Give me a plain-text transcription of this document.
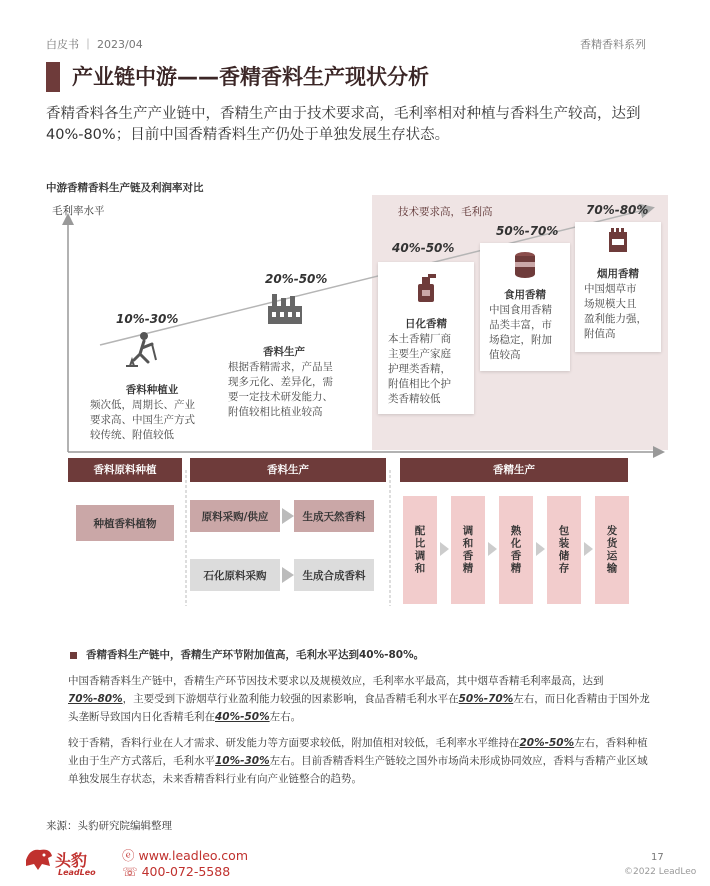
白皮书 ｜ 2023/04	香精香料系列
产业链中游——香精香料生产现状分析
香精香料各生产产业链中，香精生产由于技术要求高，毛利率相对种植与香料生产较高，达到40%-80%；目前中国香精香料生产仍处于单独发展生存状态。
中游香精香料生产链及利润率对比
技术要求高，毛利高
毛利率水平
10%-30%
香料种植业
频次低，周期长、产业
要求高、中国生产方式
较传统、附值较低
20%-50%
香料生产
根据香精需求，产品呈
现多元化、差异化，需
要一定技术研发能力、
附值较相比植业较高
40%-50%
日化香精
本土香精厂商
主要生产家庭
护理类香精，
附值相比个护
类香精较低
50%-70%
食用香精
中国食用香精
品类丰富，市
场稳定，附加
值较高
70%-80%
烟用香精
中国烟草市
场规模大且
盈利能力强，
附值高
香料原料种植	香料生产	香精生产
种植香料植物
原料采购/供应	生成天然香料
石化原料采购	生成合成香料
配比调和	调和香精	熟化香精	包装储存	发货运输
香精香料生产链中，香精生产环节附加值高，毛利水平达到40%-80%。
中国香精香料生产链中，香精生产环节因技术要求以及规模效应，毛利率水平最高，其中烟草香精毛利率最高，达到70%-80%，主要受到下游烟草行业盈利能力较强的因素影响，食品香精毛利水平在50%-70%左右，而日化香精由于国外龙头垄断导致国内日化香精毛利在40%-50%左右。
较于香精，香料行业在人才需求、研发能力等方面要求较低，附加值相对较低，毛利率水平维持在20%-50%左右，香料种植业由于生产方式落后，毛利水平10%-30%左右。目前香精香料生产链较之国外市场尚未形成协同效应，香料与香精产业区域单独发展生存状态，未来香精香料行业有向产业链整合的趋势。
来源：头豹研究院编辑整理
头豹
LeadLeo
ⓔ www.leadleo.com
☏ 400-072-5588
17
©2022 LeadLeo
